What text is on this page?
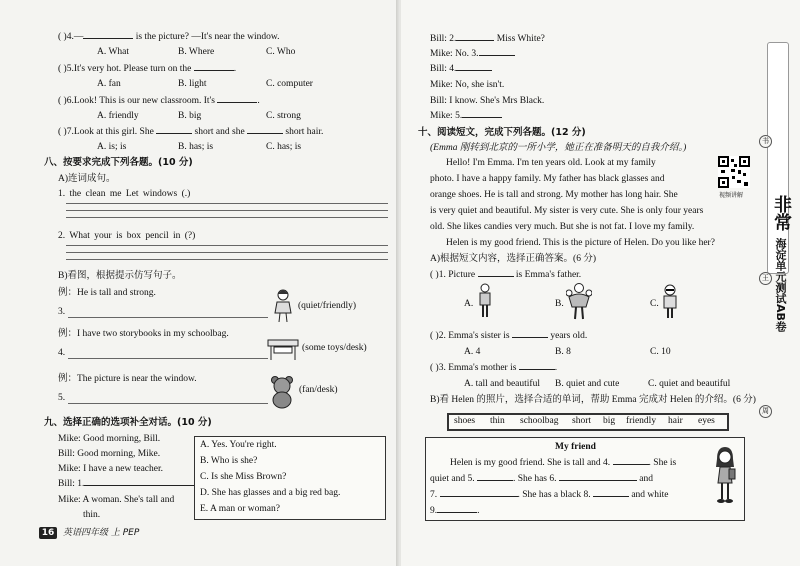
( )4.—	is the picture? —It's near the window.
A. What	B. Where	C. Who
( )5.It's very hot. Please turn on the	.
A. fan	B. light	C. computer
( )6.Look! This is our new classroom. It's	.
A. friendly	B. big	C. strong
( )7.Look at this girl. She	short and she	short hair.
A. is; is	B. has; is	C. has; is
八、按要求完成下列各题。(10 分)
A)连词成句。
1. the clean me Let windows (.)
2. What your is box pencil in (?)
B)看图，根据提示仿写句子。
例：He is tall and strong.
3.
(quiet/friendly)
例：I have two storybooks in my schoolbag.
4.	(some toys/desk)
例：The picture is near the window.
5.
(fan/desk)
九、选择正确的选项补全对话。(10 分)
Mike: Good morning, Bill.
Bill: Good morning, Mike.
Mike: I have a new teacher.
Bill: 1.
Mike: A woman. She's tall and
thin.
A. Yes. You're right.
B. Who is she?
C. Is she Miss Brown?
D. She has glasses and a big red bag.
E. A man or woman?
16 英语四年级 上 PEP
Bill: 2.	Miss White?
Mike: No. 3.
Bill: 4.
Mike: No, she isn't.
Bill: I know. She's Mrs Black.
Mike: 5.
十、阅读短文，完成下列各题。(12 分)
(Emma 刚转到北京的一所小学，她正在准备明天的自我介绍。)
Hello! I'm Emma. I'm ten years old. Look at my family
photo. I have a happy family. My father has black glasses and
orange shoes. He is tall and strong. My mother has long hair. She
is very quiet and beautiful. My sister is very cute. She is only four years
old. She likes candies very much. But she is not fat. I love my family.
Helen is my good friend. This is the picture of Helen. Do you like her?
视频讲解
A)根据短文内容，选择正确答案。(6 分)
( )1. Picture	is Emma's father.
A.	B.	C.
( )2. Emma's sister is	years old.
A. 4	B. 8	C. 10
( )3. Emma's mother is	.
A. tall and beautiful B. quiet and cute	C. quiet and beautiful
B)看 Helen 的照片，选择合适的单词，帮助 Emma 完成对 Helen 的介绍。(6 分)
shoes thin schoolbag short big friendly hair eyes
My friend
Helen is my good friend. She is tall and 4.	. She is
quiet and 5.	. She has 6.	and
7.	. She has a black 8.	and white
9.	.
非常
海淀单元测试AB卷
书
王
周
